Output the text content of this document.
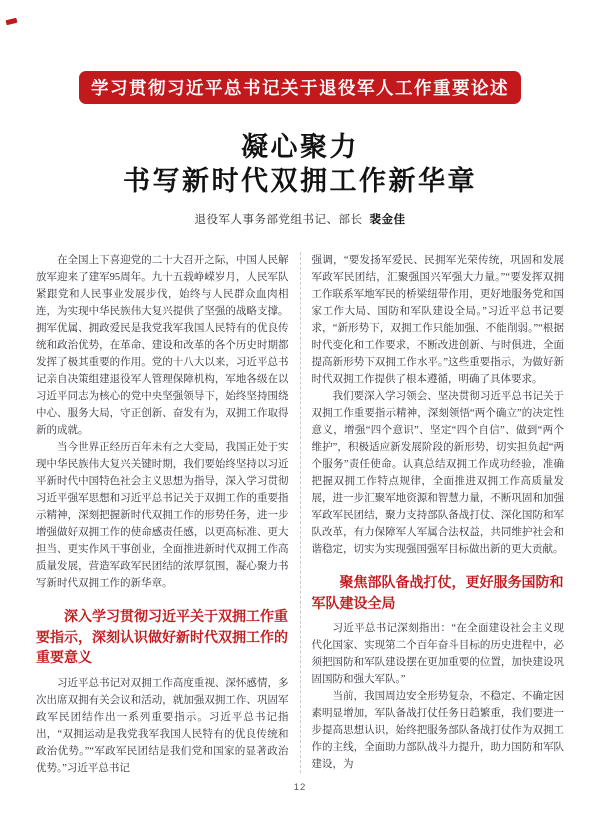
学习贯彻习近平总书记关于退役军人工作重要论述
凝心聚力
书写新时代双拥工作新华章
退役军人事务部党组书记、部长 裴金佳

在全国上下喜迎党的二十大召开之际，中国人民解放军迎来了建军95周年。九十五载峥嵘岁月，人民军队紧跟党和人民事业发展步伐，始终与人民群众血肉相连，为实现中华民族伟大复兴提供了坚强的战略支撑。拥军优属、拥政爱民是我党我军我国人民特有的优良传统和政治优势，在革命、建设和改革的各个历史时期都发挥了极其重要的作用。党的十八大以来，习近平总书记亲自决策组建退役军人管理保障机构，军地各级在以习近平同志为核心的党中央坚强领导下，始终坚持围绕中心、服务大局，守正创新、奋发有为，双拥工作取得新的成就。

当今世界正经历百年未有之大变局，我国正处于实现中华民族伟大复兴关键时期，我们要始终坚持以习近平新时代中国特色社会主义思想为指导，深入学习贯彻习近平强军思想和习近平总书记关于双拥工作的重要指示精神，深刻把握新时代双拥工作的形势任务，进一步增强做好双拥工作的使命感责任感，以更高标准、更大担当、更实作风干事创业，全面推进新时代双拥工作高质量发展，营造军政军民团结的浓厚氛围，凝心聚力书写新时代双拥工作的新华章。

深入学习贯彻习近平关于双拥工作重要指示，深刻认识做好新时代双拥工作的重要意义

习近平总书记对双拥工作高度重视、深怀感情，多次出席双拥有关会议和活动，就加强双拥工作、巩固军政军民团结作出一系列重要指示。习近平总书记指出，“双拥运动是我党我军我国人民特有的优良传统和政治优势。”“军政军民团结是我们党和国家的显著政治优势。”习近平总书记

强调，“要发扬军爱民、民拥军光荣传统，巩固和发展军政军民团结，汇聚强国兴军强大力量。”“要发挥双拥工作联系军地军民的桥梁纽带作用，更好地服务党和国家工作大局、国防和军队建设全局。”习近平总书记要求，“新形势下，双拥工作只能加强、不能削弱。”“根据时代变化和工作要求，不断改进创新、与时俱进，全面提高新形势下双拥工作水平。”这些重要指示，为做好新时代双拥工作提供了根本遵循，明确了具体要求。

我们要深入学习领会、坚决贯彻习近平总书记关于双拥工作重要指示精神，深刻领悟“两个确立”的决定性意义，增强“四个意识”、坚定“四个自信”、做到“两个维护”，积极适应新发展阶段的新形势，切实担负起“两个服务”责任使命。认真总结双拥工作成功经验，准确把握双拥工作特点规律，全面推进双拥工作高质量发展，进一步汇聚军地资源和智慧力量，不断巩固和加强军政军民团结，聚力支持部队备战打仗、深化国防和军队改革，有力保障军人军属合法权益，共同维护社会和谐稳定，切实为实现强国强军目标做出新的更大贡献。

聚焦部队备战打仗，更好服务国防和军队建设全局

习近平总书记深刻指出：“在全面建设社会主义现代化国家、实现第二个百年奋斗目标的历史进程中，必须把国防和军队建设摆在更加重要的位置，加快建设巩固国防和强大军队。”

当前，我国周边安全形势复杂，不稳定、不确定因素明显增加，军队备战打仗任务日趋繁重，我们要进一步提高思想认识，始终把服务部队备战打仗作为双拥工作的主线，全面助力部队战斗力提升，助力国防和军队建设，为

12
